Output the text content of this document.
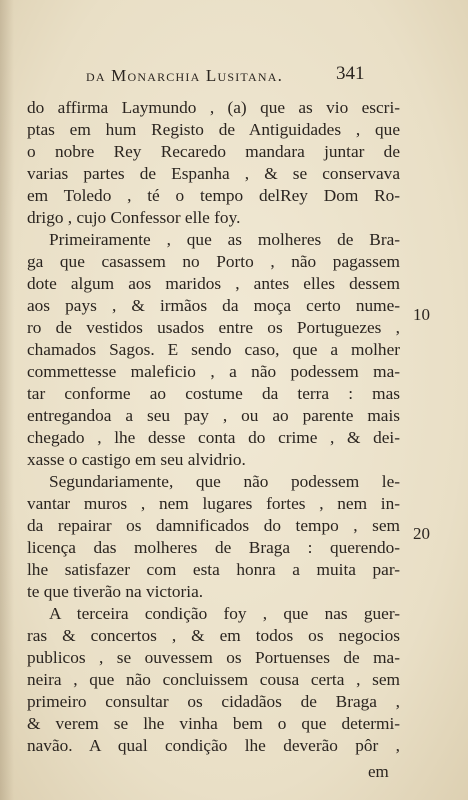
da Monarchia Lusitana.	341
do affirma Laymundo , (a) que as vio escri-
ptas em hum Registo de Antiguidades , que
o nobre Rey Recaredo mandara juntar de
varias partes de Espanha , & se conservava
em Toledo , té o tempo delRey Dom Ro-
drigo , cujo Confessor elle foy.
Primeiramente , que as molheres de Bra-
ga que casassem no Porto , não pagassem
dote algum aos maridos , antes elles dessem
aos pays , & irmãos da moça certo nume-
ro de vestidos usados entre os Portuguezes ,
chamados Sagos. E sendo caso, que a molher
commettesse maleficio , a não podessem ma-
tar conforme ao costume da terra : mas
entregandoa a seu pay , ou ao parente mais
chegado , lhe desse conta do crime , & dei-
xasse o castigo em seu alvidrio.
Segundariamente, que não podessem le-
vantar muros , nem lugares fortes , nem in-
da repairar os damnificados do tempo , sem
licença das molheres de Braga : querendo-
lhe satisfazer com esta honra a muita par-
te que tiverão na victoria.
A terceira condição foy , que nas guer-
ras & concertos , & em todos os negocios
publicos , se ouvessem os Portuenses de ma-
neira , que não concluissem cousa certa , sem
primeiro consultar os cidadãos de Braga ,
& verem se lhe vinha bem o que determi-
navão. A qual condição lhe deverão pôr ,
10
20
em
